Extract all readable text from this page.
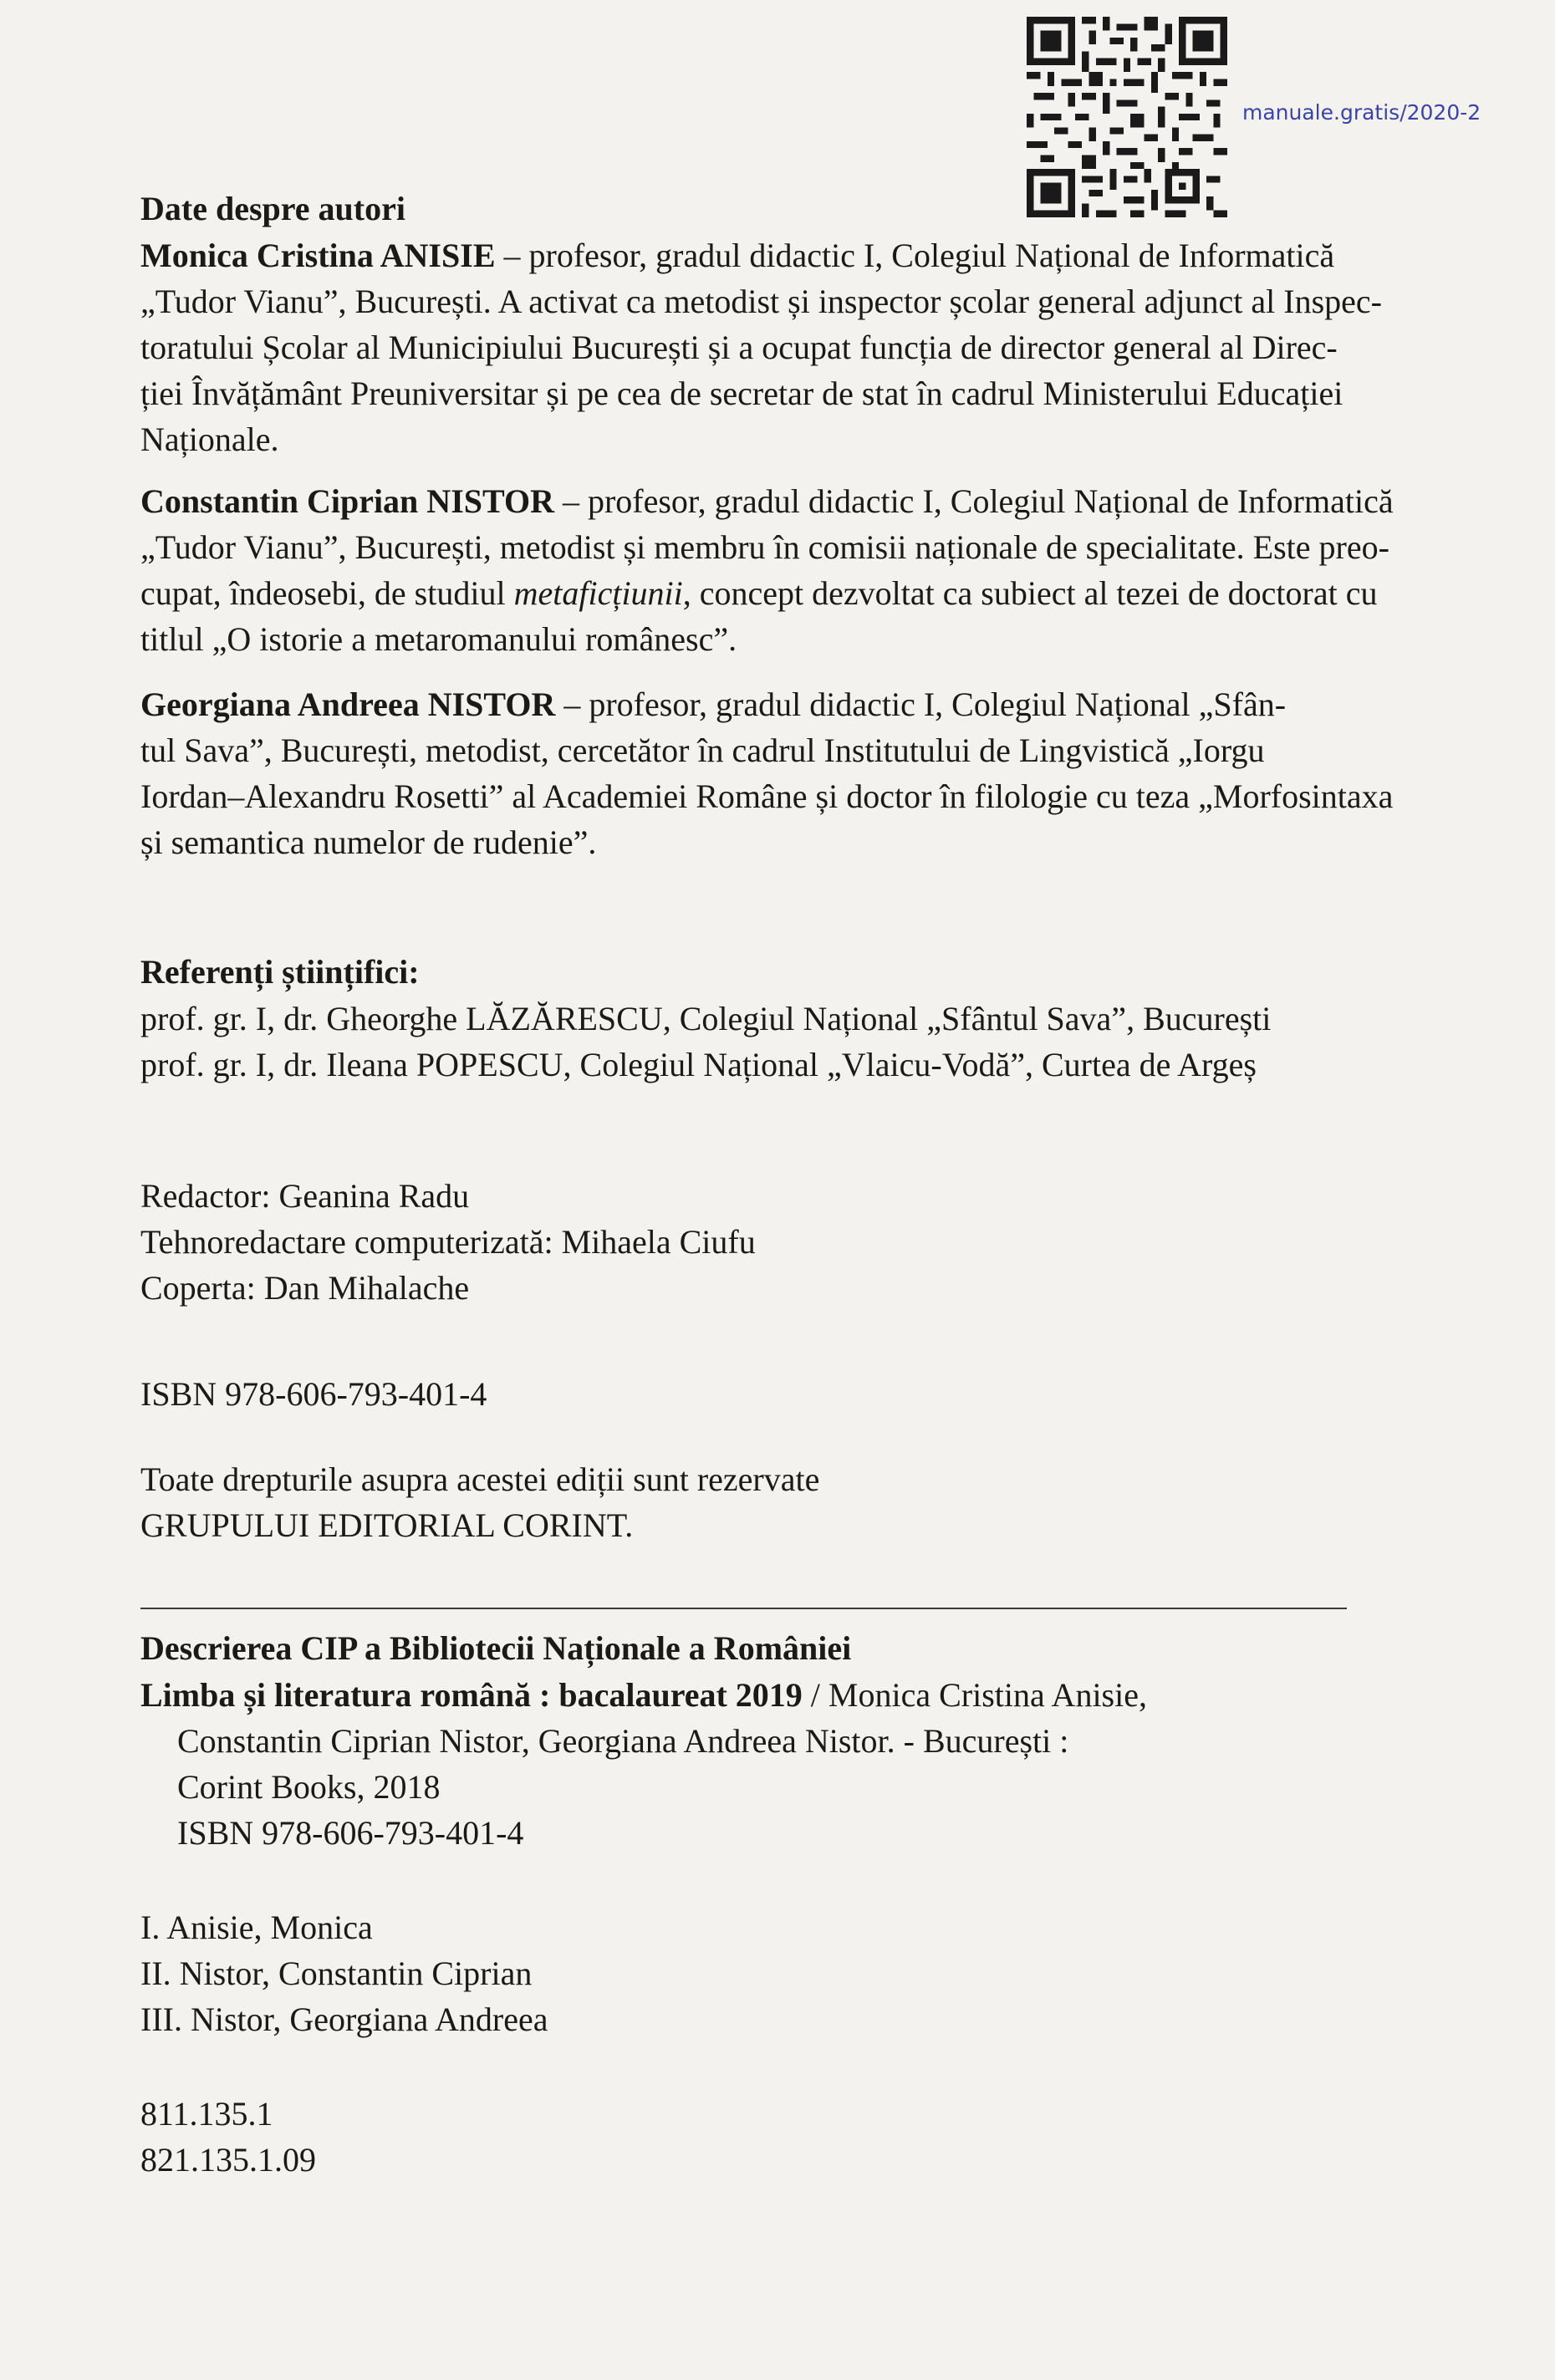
manuale.gratis/2020-2
Date despre autori
Monica Cristina ANISIE – profesor, gradul didactic I, Colegiul Național de Informatică
„Tudor Vianu”, București. A activat ca metodist și inspector școlar general adjunct al Inspec-
toratului Școlar al Municipiului București și a ocupat funcția de director general al Direc-
ției Învățământ Preuniversitar și pe cea de secretar de stat în cadrul Ministerului Educației
Naționale.
Constantin Ciprian NISTOR – profesor, gradul didactic I, Colegiul Național de Informatică
„Tudor Vianu”, București, metodist și membru în comisii naționale de specialitate. Este preo-
cupat, îndeosebi, de studiul metaficțiunii, concept dezvoltat ca subiect al tezei de doctorat cu
titlul „O istorie a metaromanului românesc”.
Georgiana Andreea NISTOR – profesor, gradul didactic I, Colegiul Național „Sfân-
tul Sava”, București, metodist, cercetător în cadrul Institutului de Lingvistică „Iorgu
Iordan–Alexandru Rosetti” al Academiei Române și doctor în filologie cu teza „Morfosintaxa
și semantica numelor de rudenie”.
Referenți științifici:
prof. gr. I, dr. Gheorghe LĂZĂRESCU, Colegiul Național „Sfântul Sava”, București
prof. gr. I, dr. Ileana POPESCU, Colegiul Național „Vlaicu-Vodă”, Curtea de Argeș
Redactor: Geanina Radu
Tehnoredactare computerizată: Mihaela Ciufu
Coperta: Dan Mihalache
ISBN 978-606-793-401-4
Toate drepturile asupra acestei ediții sunt rezervate
GRUPULUI EDITORIAL CORINT.
Descrierea CIP a Bibliotecii Naționale a României
Limba și literatura română : bacalaureat 2019 / Monica Cristina Anisie,
Constantin Ciprian Nistor, Georgiana Andreea Nistor. - București :
Corint Books, 2018
ISBN 978-606-793-401-4
I. Anisie, Monica
II. Nistor, Constantin Ciprian
III. Nistor, Georgiana Andreea
811.135.1
821.135.1.09
